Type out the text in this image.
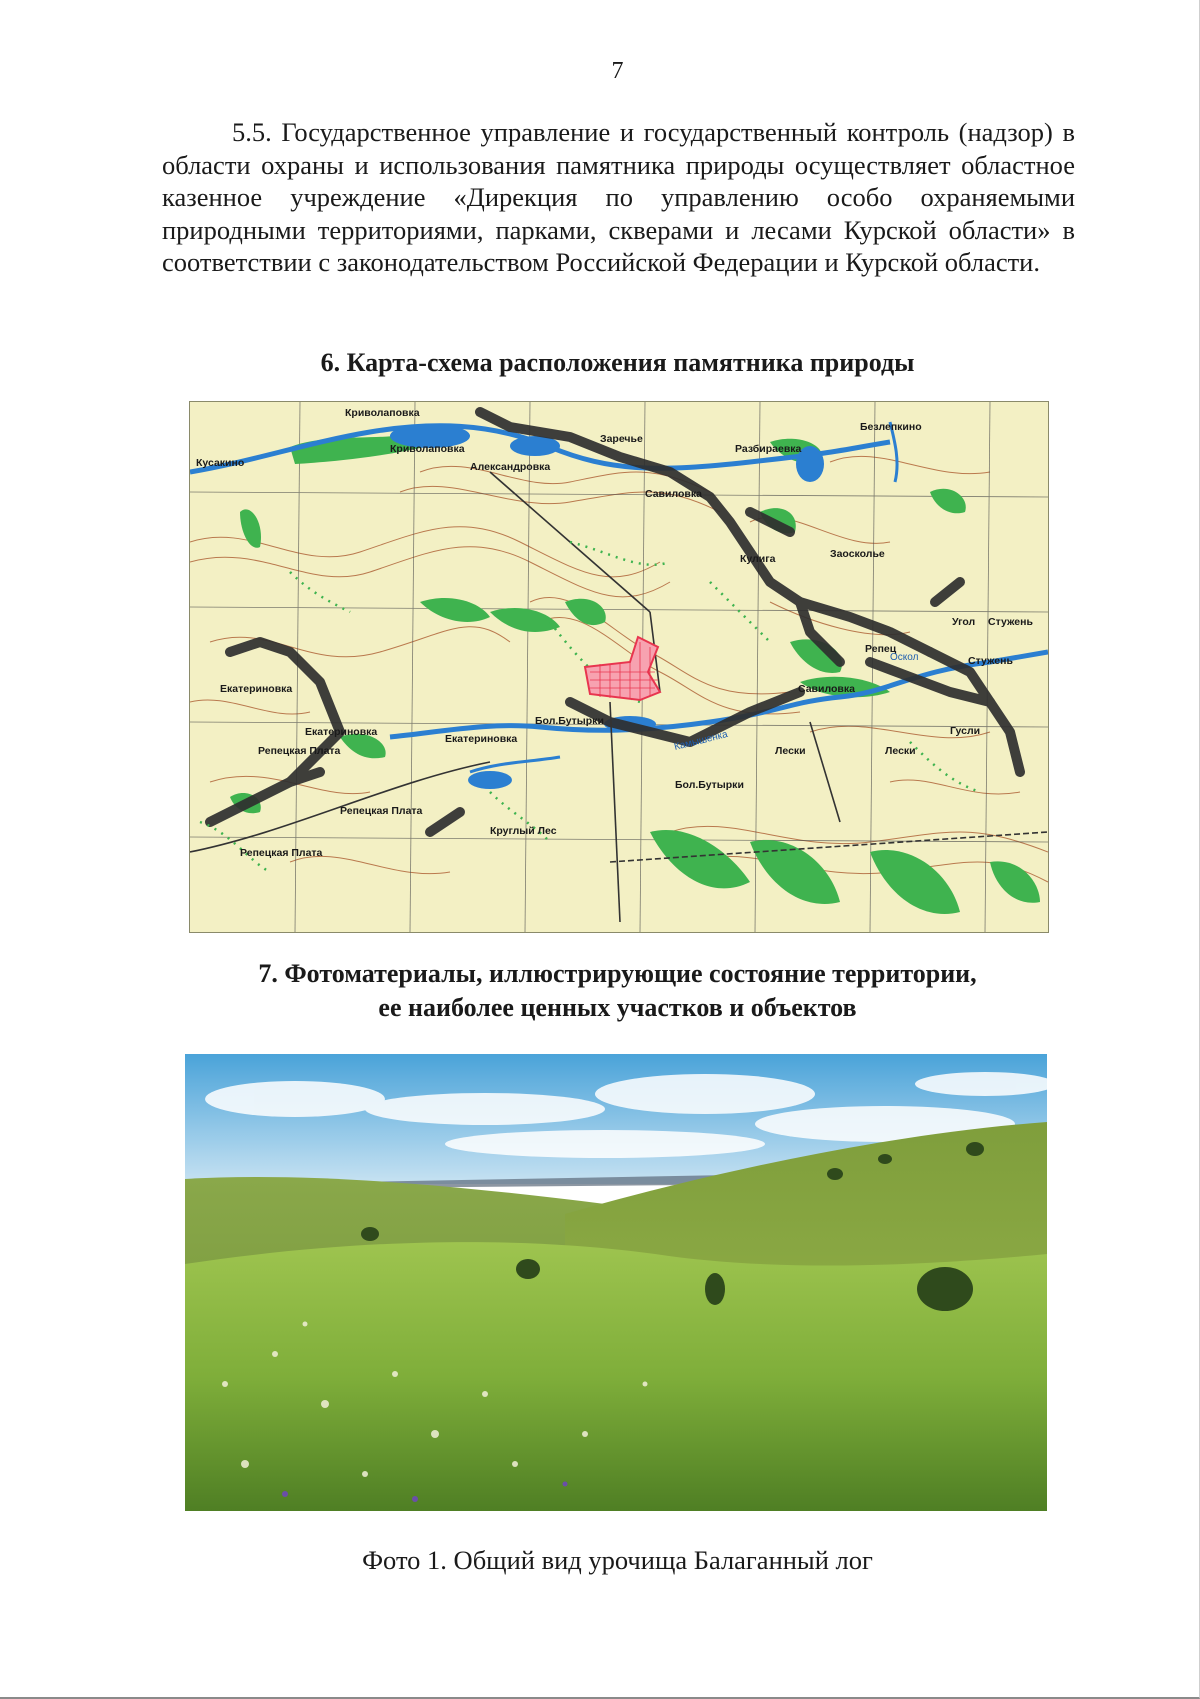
7

5.5. Государственное управление и государственный контроль (надзор) в области охраны и использования памятника природы осуществляет областное казенное учреждение «Дирекция по управлению особо охраняемыми природными территориями, парками, скверами и лесами Курской области» в соответствии с законодательством Российской Федерации и Курской области.

6. Карта-схема расположения памятника природы
Криволаповка
Криволаповка
Кусакино	Александровка
Заречье
Разбираевка
Безлепкино
Савиловка
Кулига	Заосколье
Угол Стужень
Репец
Стужень
Савиловка
Екатериновка
Екатериновка
Бол.Бутырки
Екатериновка
Репецкая Плата
Гусли
Лески	Лески
Бол.Бутырки
Репецкая Плата
Круглый Лес
Репецкая Плата
Камышенка
Оскол
7. Фотоматериалы, иллюстрирующие состояние территории,
ее наиболее ценных участков и объектов
Фото 1. Общий вид урочища Балаганный лог
